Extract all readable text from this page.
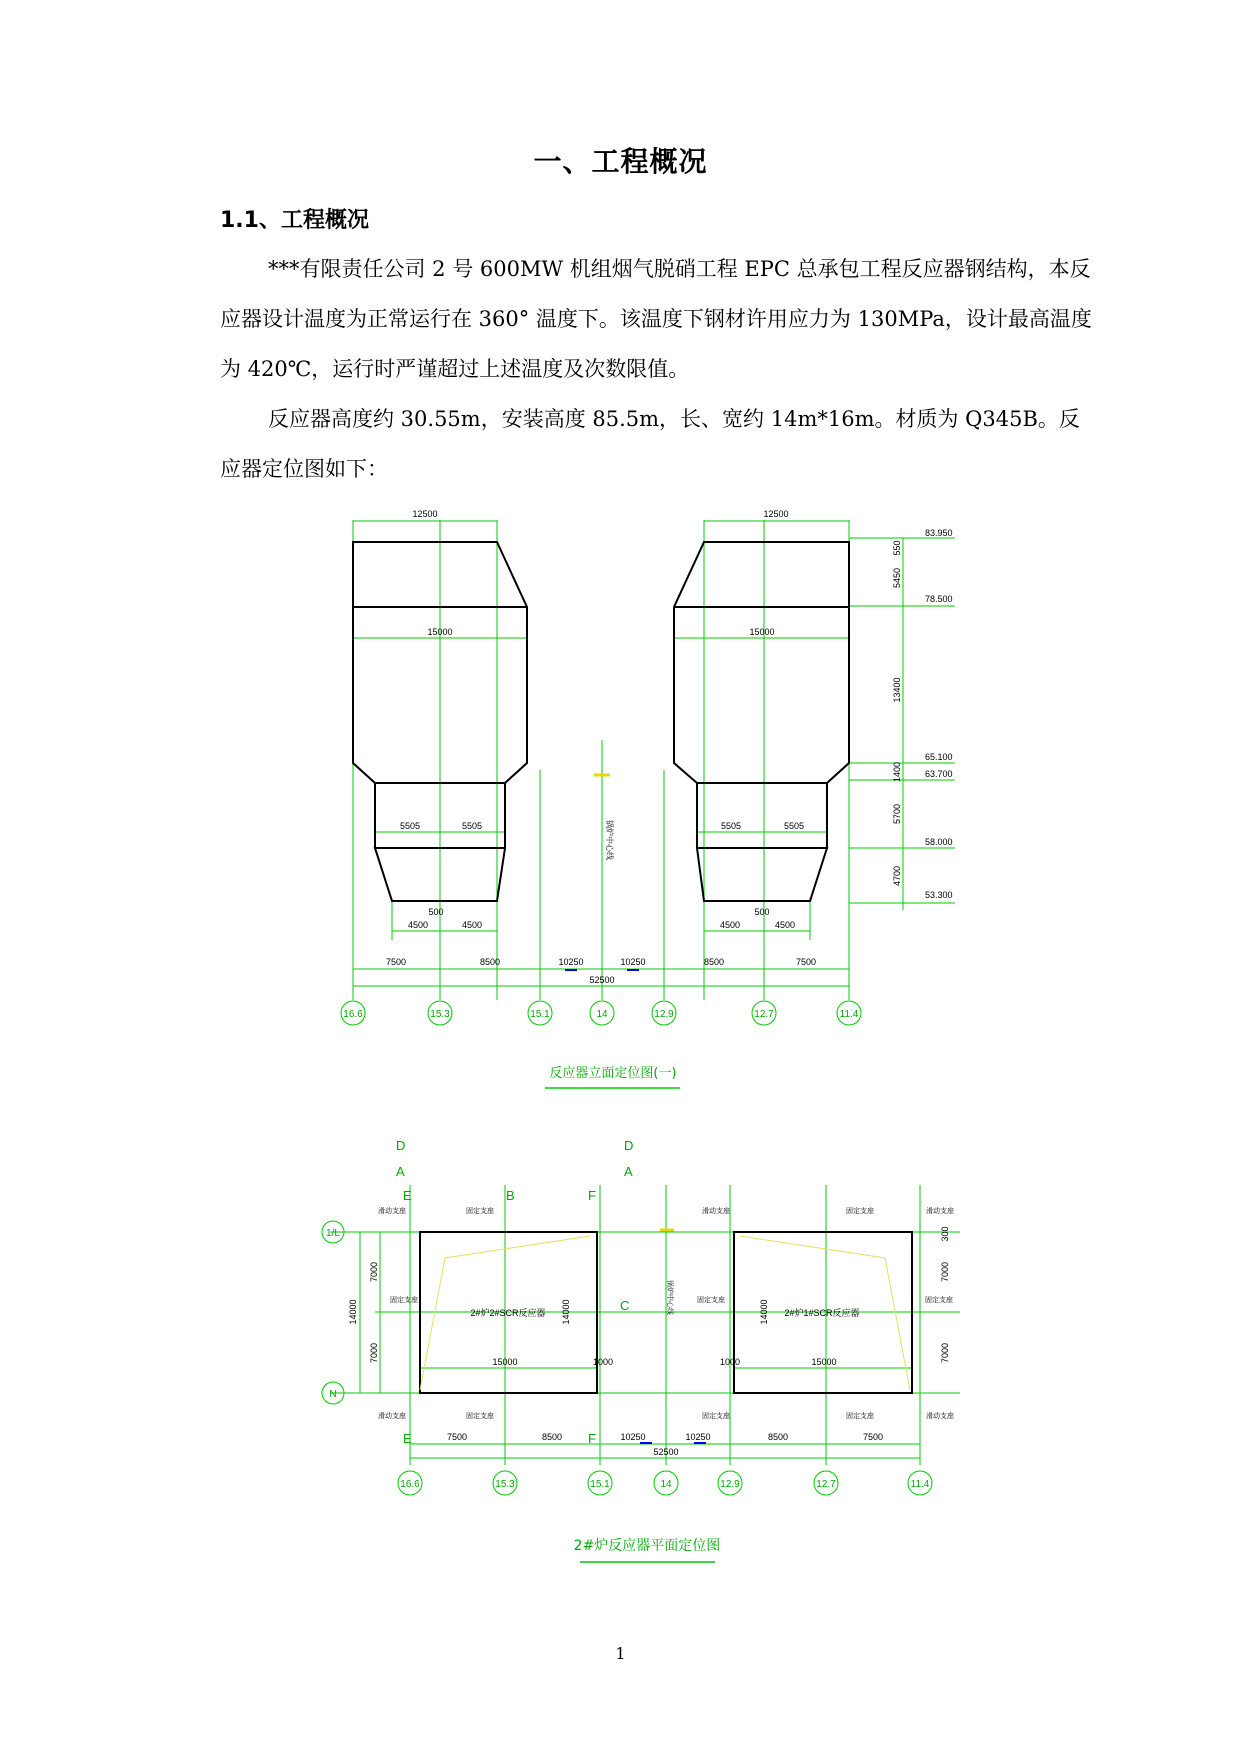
一、工程概况
1.1、工程概况
***有限责任公司 2 号 600MW 机组烟气脱硝工程 EPC 总承包工程反应器钢结构，本反应器设计温度为正常运行在 360° 温度下。该温度下钢材许用应力为 130MPa，设计最高温度为 420℃，运行时严谨超过上述温度及次数限值。
反应器高度约 30.55m，安装高度 85.5m，长、宽约 14m*16m。材质为 Q345B。反应器定位图如下：
12500	12500
15000	15000
5505	5505	5505	5505
500	500
4500	4500	4500	4500
7500	8500	10250	10250	8500	7500
52500
83.950
78.500
65.100
63.700
58.000
53.300
550
5450
13400
1400
5700
4700
锅炉中心线
16.6	15.3	15.1	14	12.9	12.7	11.4
反应器立面定位图(一)
2#炉2#SCR反应器	2#炉1#SCR反应器
15000	15000
1000	1000
14000
7000
7000
14000	14000
7000
7000
300
7500	8500	10250	10250	8500	7500
52500
滑动支座	固定支座	滑动支座	固定支座	滑动支座
滑动支座	固定支座	固定支座	固定支座	滑动支座
固定支座	固定支座	固定支座
锅炉中心线
1/L
N
16.6	15.3	15.1	14	12.9	12.7	11.4
D
A
E	B	F
D
A
C
E	F
2#炉反应器平面定位图
1
